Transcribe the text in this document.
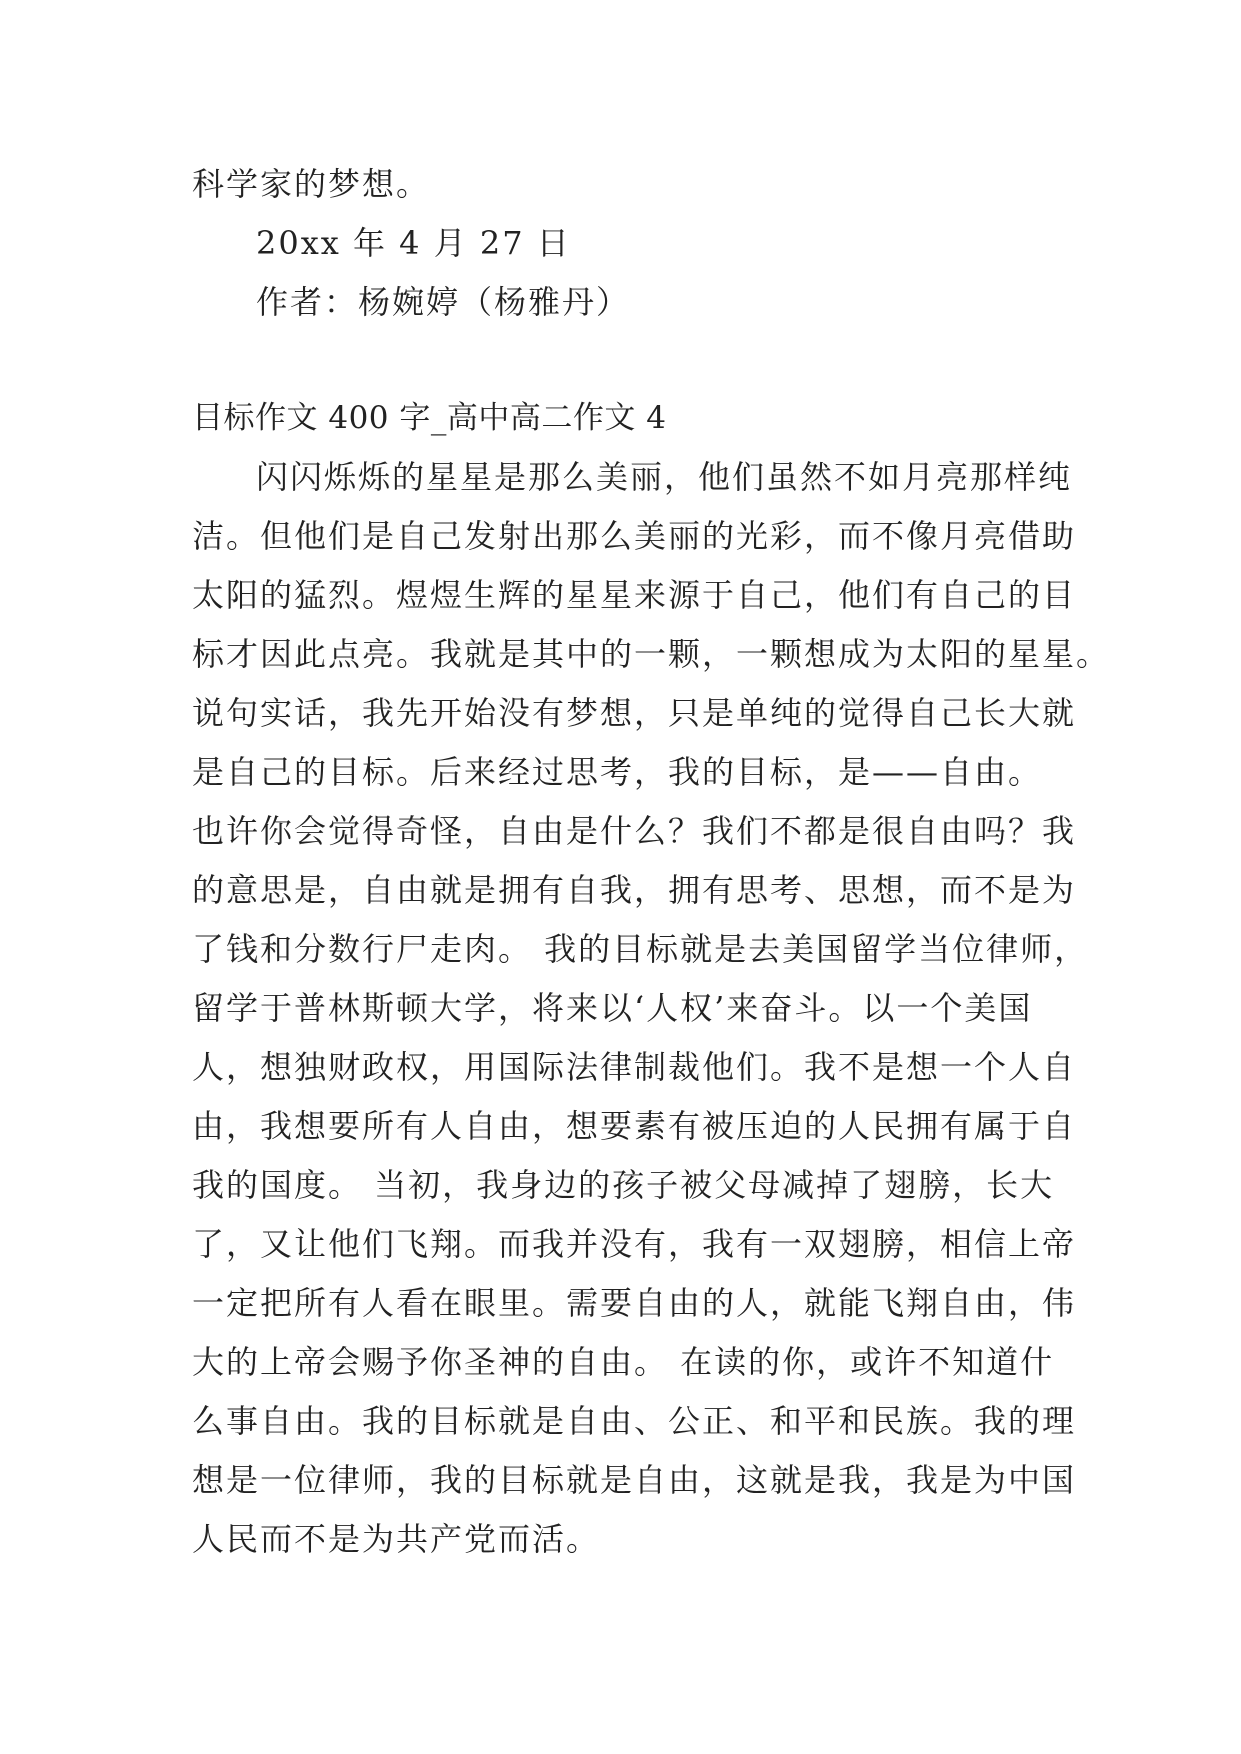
科学家的梦想。
20xx 年 4 月 27 日
作者：杨婉婷（杨雅丹）
目标作文 400 字_高中高二作文 4
闪闪烁烁的星星是那么美丽，他们虽然不如月亮那样纯
洁。但他们是自己发射出那么美丽的光彩，而不像月亮借助
太阳的猛烈。煜煜生辉的星星来源于自己，他们有自己的目
标才因此点亮。我就是其中的一颗，一颗想成为太阳的星星。
说句实话，我先开始没有梦想，只是单纯的觉得自己长大就
是自己的目标。后来经过思考，我的目标，是——自由。
也许你会觉得奇怪，自由是什么？我们不都是很自由吗？我
的意思是，自由就是拥有自我，拥有思考、思想，而不是为
了钱和分数行尸走肉。 我的目标就是去美国留学当位律师，
留学于普林斯顿大学，将来以‘人权’来奋斗。以一个美国
人，想独财政权，用国际法律制裁他们。我不是想一个人自
由，我想要所有人自由，想要素有被压迫的人民拥有属于自
我的国度。 当初，我身边的孩子被父母减掉了翅膀，长大
了，又让他们飞翔。而我并没有，我有一双翅膀，相信上帝
一定把所有人看在眼里。需要自由的人，就能飞翔自由，伟
大的上帝会赐予你圣神的自由。 在读的你，或许不知道什
么事自由。我的目标就是自由、公正、和平和民族。我的理
想是一位律师，我的目标就是自由，这就是我，我是为中国
人民而不是为共产党而活。
